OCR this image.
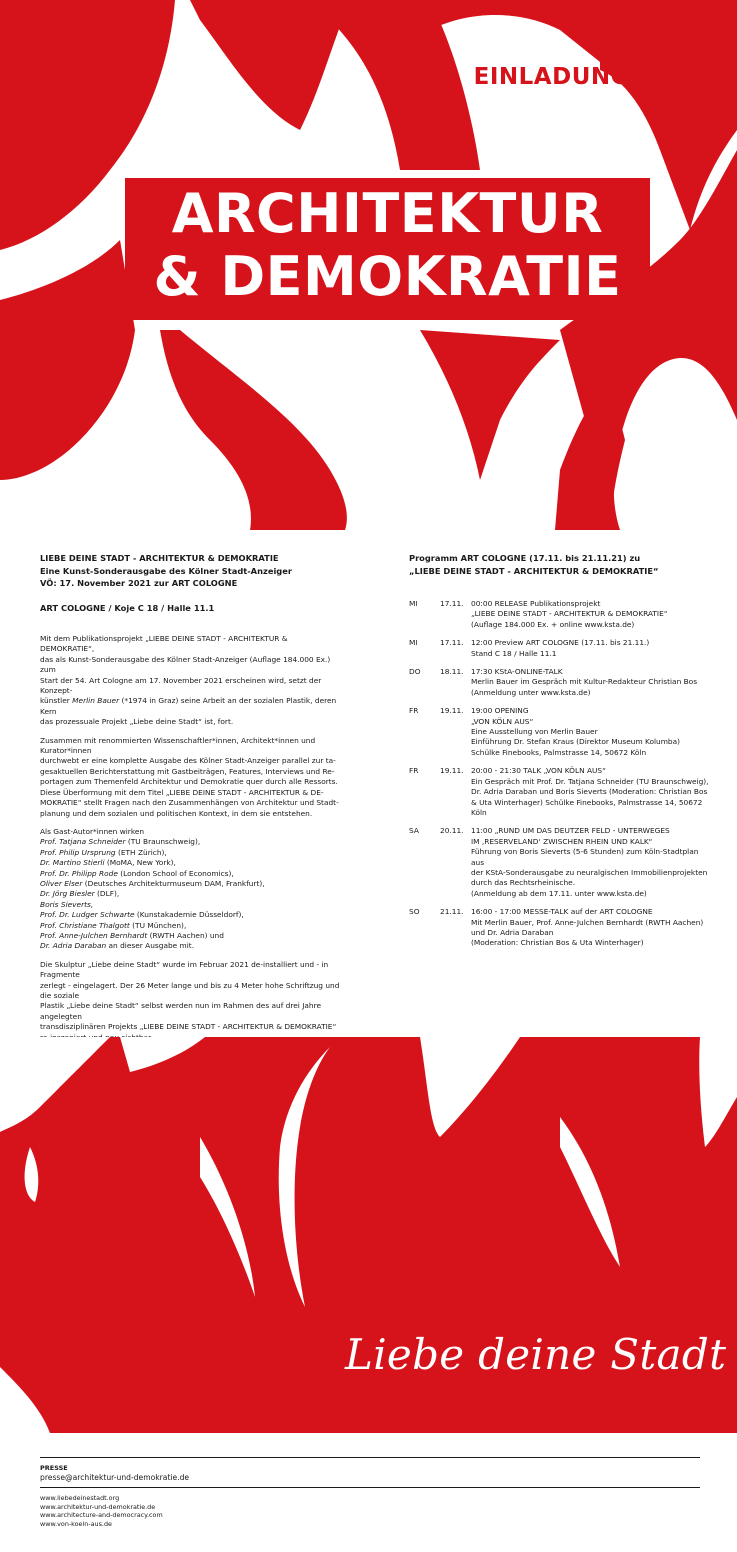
EINLADUNG
ARCHITEKTUR
& DEMOKRATIE
LIEBE DEINE STADT - ARCHITEKTUR & DEMOKRATIE
Eine Kunst-Sonderausgabe des Kölner Stadt-Anzeiger
VÖ: 17. November 2021 zur ART COLOGNE
ART COLOGNE / Koje C 18 / Halle 11.1
Mit dem Publikationsprojekt „LIEBE DEINE STADT - ARCHITEKTUR & DEMOKRATIE“,
das als Kunst-Sonderausgabe des Kölner Stadt-Anzeiger (Auflage 184.000 Ex.) zum
Start der 54. Art Cologne am 17. November 2021 erscheinen wird, setzt der Konzept-
künstler Merlin Bauer (*1974 in Graz) seine Arbeit an der sozialen Plastik, deren Kern
das prozessuale Projekt „Liebe deine Stadt“ ist, fort.
Zusammen mit renommierten Wissenschaftler*innen, Architekt*innen und Kurator*innen
durchwebt er eine komplette Ausgabe des Kölner Stadt-Anzeiger parallel zur ta-
gesaktuellen Berichterstattung mit Gastbeiträgen, Features, Interviews und Re-
portagen zum Themenfeld Architektur und Demokratie quer durch alle Ressorts.
Diese Überformung mit dem Titel „LIEBE DEINE STADT - ARCHITEKTUR & DE-
MOKRATIE“ stellt Fragen nach den Zusammenhängen von Architektur und Stadt-
planung und dem sozialen und politischen Kontext, in dem sie entstehen.
Als Gast-Autor*innen wirken
Prof. Tatjana Schneider (TU Braunschweig),
Prof. Philip Ursprung (ETH Zürich),
Dr. Martino Stierli (MoMA, New York),
Prof. Dr. Philipp Rode (London School of Economics),
Oliver Elser (Deutsches Architekturmuseum DAM, Frankfurt),
Dr. Jörg Biesler (DLF),
Boris Sieverts,
Prof. Dr. Ludger Schwarte (Kunstakademie Düsseldorf),
Prof. Christiane Thalgott (TU München),
Prof. Anne-Julchen Bernhardt (RWTH Aachen) und
Dr. Adria Daraban an dieser Ausgabe mit.
Die Skulptur „Liebe deine Stadt“ wurde im Februar 2021 de-installiert und - in Fragmente
zerlegt - eingelagert. Der 26 Meter lange und bis zu 4 Meter hohe Schriftzug und die soziale
Plastik „Liebe deine Stadt“ selbst werden nun im Rahmen des auf drei Jahre angelegten
transdisziplinären Projekts „LIEBE DEINE STADT - ARCHITEKTUR & DEMOKRATIE“
Programm ART COLOGNE (17.11. bis 21.11.21) zu
„LIEBE DEINE STADT - ARCHITEKTUR & DEMOKRATIE“
MI	17.11.	00:00 RELEASE Publikationsprojekt
„LIEBE DEINE STADT - ARCHITEKTUR & DEMOKRATIE“
(Auflage 184.000 Ex. + online www.ksta.de)
MI	17.11.	12:00 Preview ART COLOGNE (17.11. bis 21.11.)
Stand C 18 / Halle 11.1
DO	18.11.	17:30 KStA-ONLINE-TALK
Merlin Bauer im Gespräch mit Kultur-Redakteur Christian Bos
(Anmeldung unter www.ksta.de)
FR	19.11.	19:00 OPENING
„VON KÖLN AUS“
Eine Ausstellung von Merlin Bauer
Einführung Dr. Stefan Kraus (Direktor Museum Kolumba)
Schülke Finebooks, Palmstrasse 14, 50672 Köln
FR	19.11.	20:00 - 21:30 TALK „VON KÖLN AUS“
Ein Gespräch mit Prof. Dr. Tatjana Schneider (TU Braunschweig),
Dr. Adria Daraban und Boris Sieverts (Moderation: Christian Bos
& Uta Winterhager) Schülke Finebooks, Palmstrasse 14, 50672 Köln
SA	20.11.	11:00 „RUND UM DAS DEUTZER FELD - UNTERWEGES
IM ‚RESERVELAND‘ ZWISCHEN RHEIN UND KALK“
Führung von Boris Sieverts (5-6 Stunden) zum Köln-Stadtplan aus
der KStA-Sonderausgabe zu neuralgischen Immobilienprojekten
durch das Rechtsrheinische.
(Anmeldung ab dem 17.11. unter www.ksta.de)
SO	21.11.	16:00 - 17:00 MESSE-TALK auf der ART COLOGNE
Mit Merlin Bauer, Prof. Anne-Julchen Bernhardt (RWTH Aachen)
und Dr. Adria Daraban
(Moderation: Christian Bos & Uta Winterhager)
Liebe deine Stadt
PRESSE
presse@architektur-und-demokratie.de
www.liebedeinestadt.org
www.architektur-und-demokratie.de
www.architecture-and-democracy.com
www.von-koeln-aus.de
